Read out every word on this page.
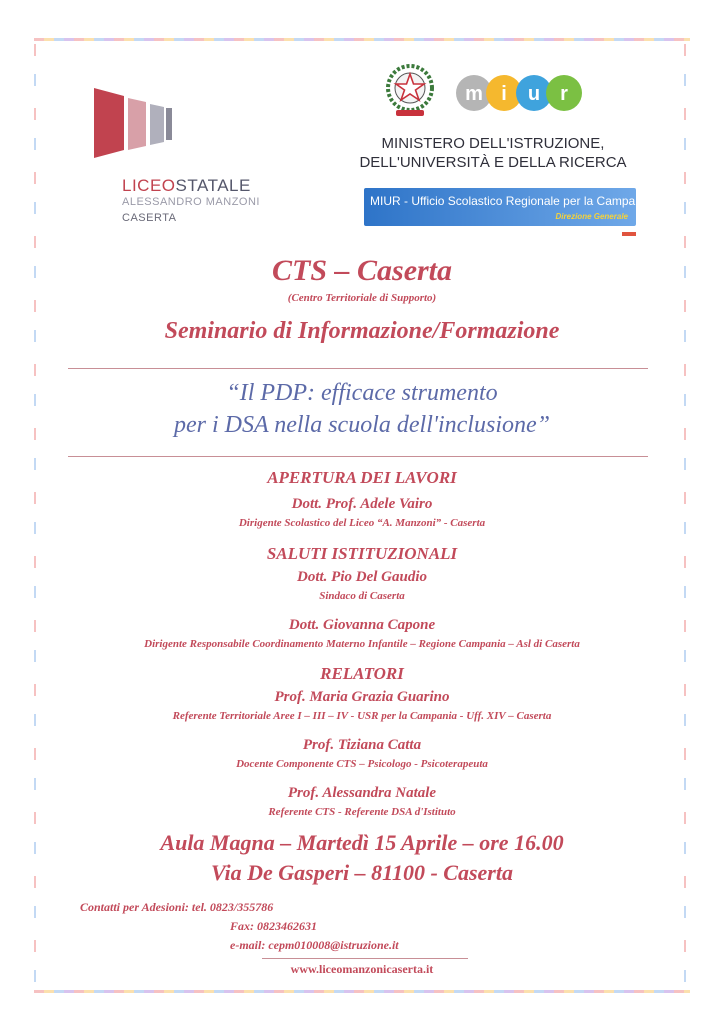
LICEOSTATALE
ALESSANDRO MANZONI
CASERTA
m i u r
MINISTERO DELL'ISTRUZIONE,
DELL'UNIVERSITÀ E DELLA RICERCA
MIUR - Ufficio Scolastico Regionale per la Campania
Direzione Generale
CTS – Caserta
(Centro Territoriale di Supporto)
Seminario di Informazione/Formazione
“Il PDP: efficace strumento
per i DSA nella scuola dell'inclusione”
APERTURA DEI LAVORI
Dott. Prof. Adele Vairo
Dirigente Scolastico del Liceo “A. Manzoni” - Caserta
SALUTI ISTITUZIONALI
Dott. Pio Del Gaudio
Sindaco di Caserta
Dott. Giovanna Capone
Dirigente Responsabile Coordinamento Materno Infantile – Regione Campania – Asl di Caserta
RELATORI
Prof. Maria Grazia Guarino
Referente Territoriale Aree I – III – IV - USR per la Campania - Uff. XIV – Caserta
Prof. Tiziana Catta
Docente Componente CTS – Psicologo - Psicoterapeuta
Prof. Alessandra Natale
Referente CTS - Referente DSA d'Istituto
Aula Magna – Martedì 15 Aprile – ore 16.00
Via De Gasperi – 81100 - Caserta
Contatti per Adesioni: tel. 0823/355786
Fax: 0823462631
e-mail: cepm010008@istruzione.it
www.liceomanzonicaserta.it
